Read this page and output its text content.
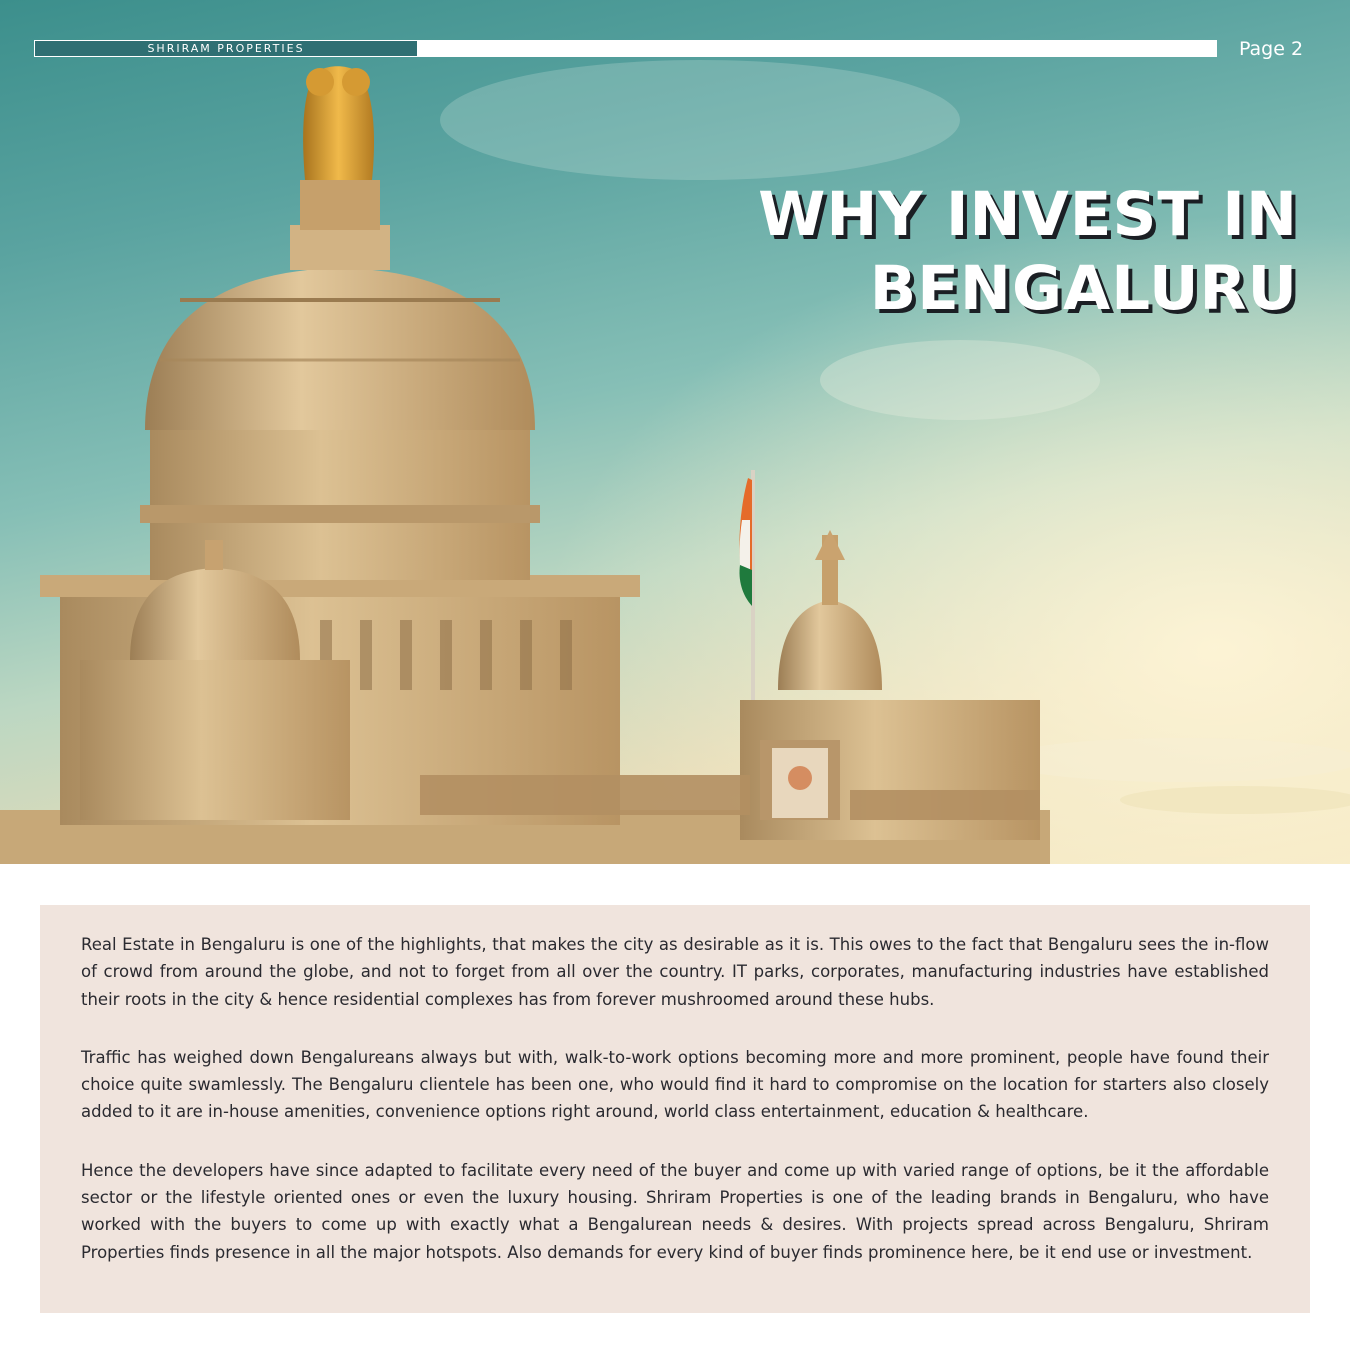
SHRIRAM PROPERTIES	Page 2
WHY INVEST IN
BENGALURU

Real Estate in Bengaluru is one of the highlights, that makes the city as desirable as it is. This owes to the fact that Bengaluru sees the in-flow of crowd from around the globe, and not to forget from all over the country. IT parks, corporates, manufacturing industries have established their roots in the city & hence residential complexes has from forever mushroomed around these hubs.

Traffic has weighed down Bengalureans always but with, walk-to-work options becoming more and more prominent, people have found their choice quite swamlessly. The Bengaluru clientele has been one, who would find it hard to compromise on the location for starters also closely added to it are in-house amenities, convenience options right around, world class entertainment, education & healthcare.

Hence the developers have since adapted to facilitate every need of the buyer and come up with varied range of options, be it the affordable sector or the lifestyle oriented ones or even the luxury housing. Shriram Properties is one of the leading brands in Bengaluru, who have worked with the buyers to come up with exactly what a Bengalurean needs & desires. With projects spread across Bengaluru, Shriram Properties finds presence in all the major hotspots. Also demands for every kind of buyer finds prominence here, be it end use or investment.
